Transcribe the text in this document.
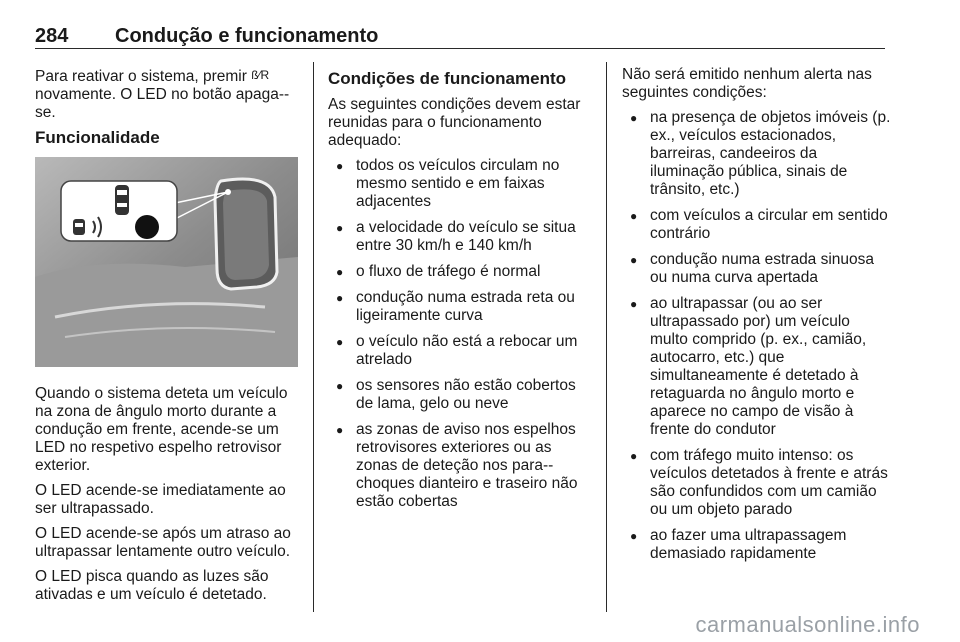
284	Condução e funcionamento

Para reativar o sistema, premir ß⁄R
novamente. O LED no botão apaga--se.

Funcionalidade

Quando o sistema deteta um veículo na zona de ângulo morto durante a condução em frente, acende-se um LED no respetivo espelho retrovisor exterior.

O LED acende-se imediatamente ao ser ultrapassado.

O LED acende-se após um atraso ao ultrapassar lentamente outro veículo.

O LED pisca quando as luzes são ativadas e um veículo é detetado.

Condições de funcionamento

As seguintes condições devem estar reunidas para o funcionamento adequado:

● todos os veículos circulam no mesmo sentido e em faixas adjacentes
● a velocidade do veículo se situa entre 30 km/h e 140 km/h
● o fluxo de tráfego é normal
● condução numa estrada reta ou ligeiramente curva
● o veículo não está a rebocar um atrelado
● os sensores não estão cobertos de lama, gelo ou neve
● as zonas de aviso nos espelhos retrovisores exteriores ou as zonas de deteção nos para--choques dianteiro e traseiro não estão cobertas

Não será emitido nenhum alerta nas seguintes condições:

● na presença de objetos imóveis (p. ex., veículos estacionados, barreiras, candeeiros da iluminação pública, sinais de trânsito, etc.)
● com veículos a circular em sentido contrário
● condução numa estrada sinuosa ou numa curva apertada
● ao ultrapassar (ou ao ser ultrapassado por) um veículo multo comprido (p. ex., camião, autocarro, etc.) que simultaneamente é detetado à retaguarda no ângulo morto e aparece no campo de visão à frente do condutor
● com tráfego muito intenso: os veículos detetados à frente e atrás são confundidos com um camião ou um objeto parado
● ao fazer uma ultrapassagem demasiado rapidamente
carmanualsonline.info
